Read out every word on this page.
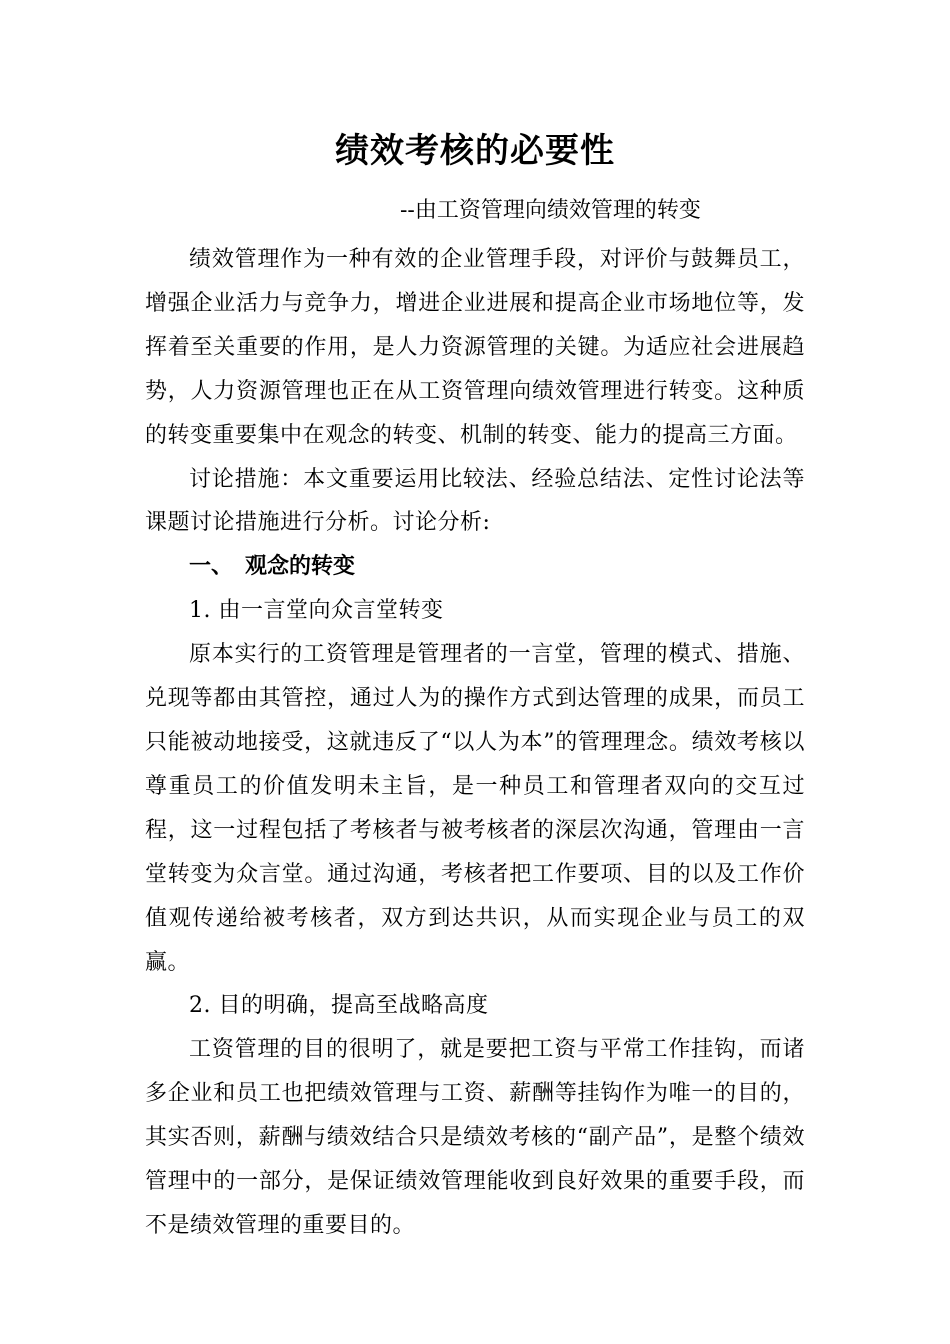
绩效考核的必要性
--由工资管理向绩效管理的转变

绩效管理作为一种有效的企业管理手段，对评价与鼓舞员工，增强企业活力与竞争力，增进企业进展和提高企业市场地位等，发挥着至关重要的作用，是人力资源管理的关键。为适应社会进展趋势，人力资源管理也正在从工资管理向绩效管理进行转变。这种质的转变重要集中在观念的转变、机制的转变、能力的提高三方面。

讨论措施：本文重要运用比较法、经验总结法、定性讨论法等课题讨论措施进行分析。讨论分析:

一、 观念的转变

1. 由一言堂向众言堂转变

原本实行的工资管理是管理者的一言堂，管理的模式、措施、兑现等都由其管控，通过人为的操作方式到达管理的成果，而员工只能被动地接受，这就违反了“以人为本”的管理理念。绩效考核以尊重员工的价值发明未主旨，是一种员工和管理者双向的交互过程，这一过程包括了考核者与被考核者的深层次沟通，管理由一言堂转变为众言堂。通过沟通，考核者把工作要项、目的以及工作价值观传递给被考核者，双方到达共识，从而实现企业与员工的双赢。

2. 目的明确，提高至战略高度

工资管理的目的很明了，就是要把工资与平常工作挂钩，而诸多企业和员工也把绩效管理与工资、薪酬等挂钩作为唯一的目的，其实否则，薪酬与绩效结合只是绩效考核的“副产品”，是整个绩效管理中的一部分，是保证绩效管理能收到良好效果的重要手段，而不是绩效管理的重要目的。
